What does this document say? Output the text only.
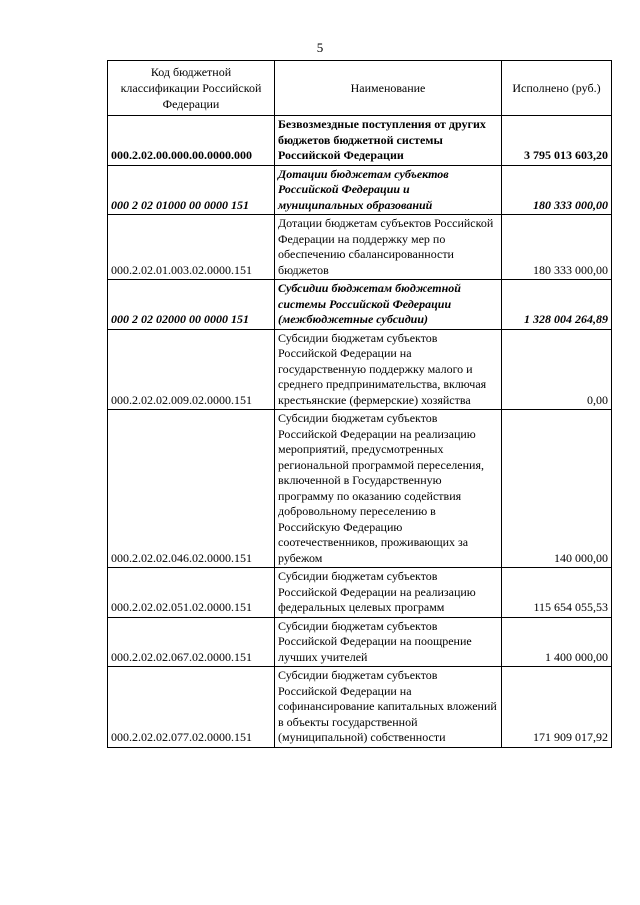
5
Код бюджетной классификации Российской Федерации	Наименование	Исполнено (руб.)
000.2.02.00.000.00.0000.000	Безвозмездные поступления от других бюджетов бюджетной системы Российской Федерации	3 795 013 603,20
000 2 02 01000 00 0000 151	Дотации бюджетам субъектов Российской Федерации и муниципальных образований	180 333 000,00
000.2.02.01.003.02.0000.151	Дотации бюджетам субъектов Российской Федерации на поддержку мер по обеспечению сбалансированности бюджетов	180 333 000,00
000 2 02 02000 00 0000 151	Субсидии бюджетам бюджетной системы Российской Федерации (межбюджетные субсидии)	1 328 004 264,89
000.2.02.02.009.02.0000.151	Субсидии бюджетам субъектов Российской Федерации на государственную поддержку малого и среднего предпринимательства, включая крестьянские (фермерские) хозяйства	0,00
000.2.02.02.046.02.0000.151	Субсидии бюджетам субъектов Российской Федерации на реализацию мероприятий, предусмотренных региональной программой переселения, включенной в Государственную программу по оказанию содействия добровольному переселению в Российскую Федерацию соотечественников, проживающих за рубежом	140 000,00
000.2.02.02.051.02.0000.151	Субсидии бюджетам субъектов Российской Федерации на реализацию федеральных целевых программ	115 654 055,53
000.2.02.02.067.02.0000.151	Субсидии бюджетам субъектов Российской Федерации на поощрение лучших учителей	1 400 000,00
000.2.02.02.077.02.0000.151	Субсидии бюджетам субъектов Российской Федерации на софинансирование капитальных вложений в объекты государственной (муниципальной) собственности	171 909 017,92
